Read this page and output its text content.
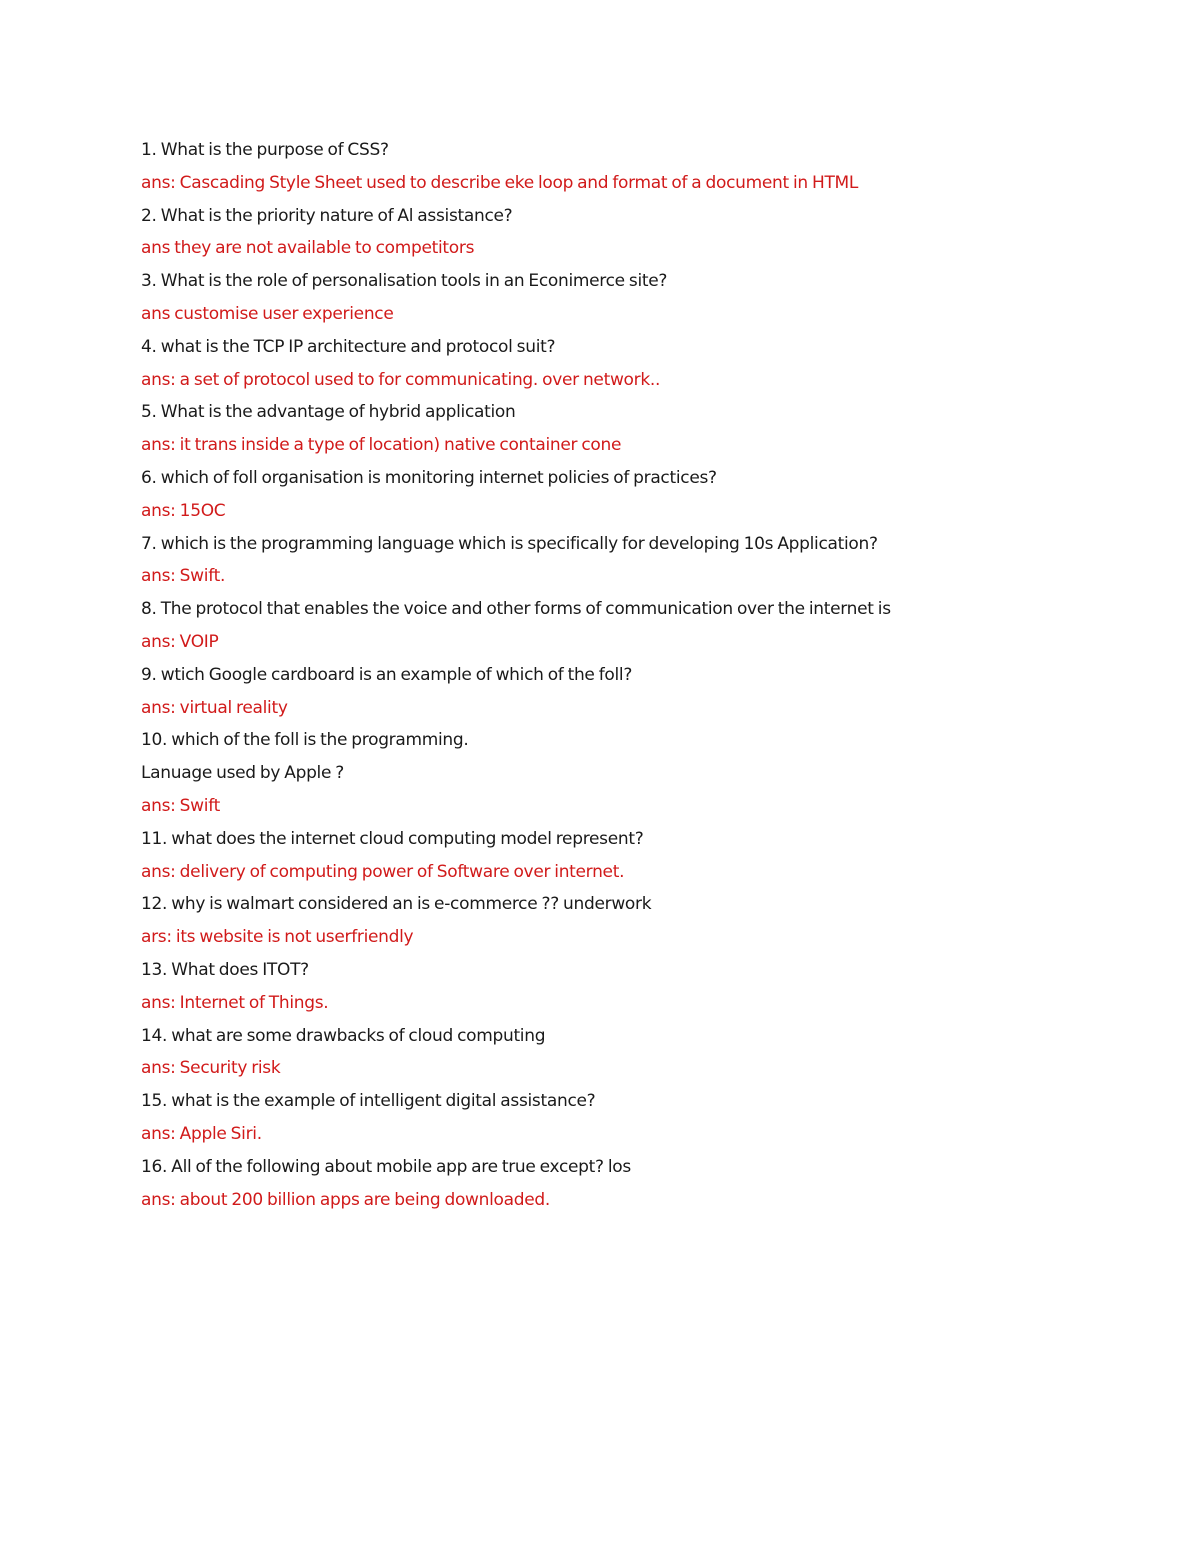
1. What is the purpose of CSS?
ans: Cascading Style Sheet used to describe eke loop and format of a document in HTML
2. What is the priority nature of Al assistance?
ans they are not available to competitors
3. What is the role of personalisation tools in an Econimerce site?
ans customise user experience
4. what is the TCP IP architecture and protocol suit?
ans: a set of protocol used to for communicating. over network..
5. What is the advantage of hybrid application
ans: it trans inside a type of location) native container cone
6. which of foll organisation is monitoring internet policies of practices?
ans: 15OC
7. which is the programming language which is specifically for developing 10s Application?
ans: Swift.
8. The protocol that enables the voice and other forms of communication over the internet is
ans: VOIP
9. wtich Google cardboard is an example of which of the foll?
ans: virtual reality
10. which of the foll is the programming.
Lanuage used by Apple ?
ans: Swift
11. what does the internet cloud computing model represent?
ans: delivery of computing power of Software over internet.
12. why is walmart considered an is e-commerce ?? underwork
ars: its website is not userfriendly
13. What does ITOT?
ans: Internet of Things.
14. what are some drawbacks of cloud computing
ans: Security risk
15. what is the example of intelligent digital assistance?
ans: Apple Siri.
16. All of the following about mobile app are true except? los
ans: about 200 billion apps are being downloaded.
